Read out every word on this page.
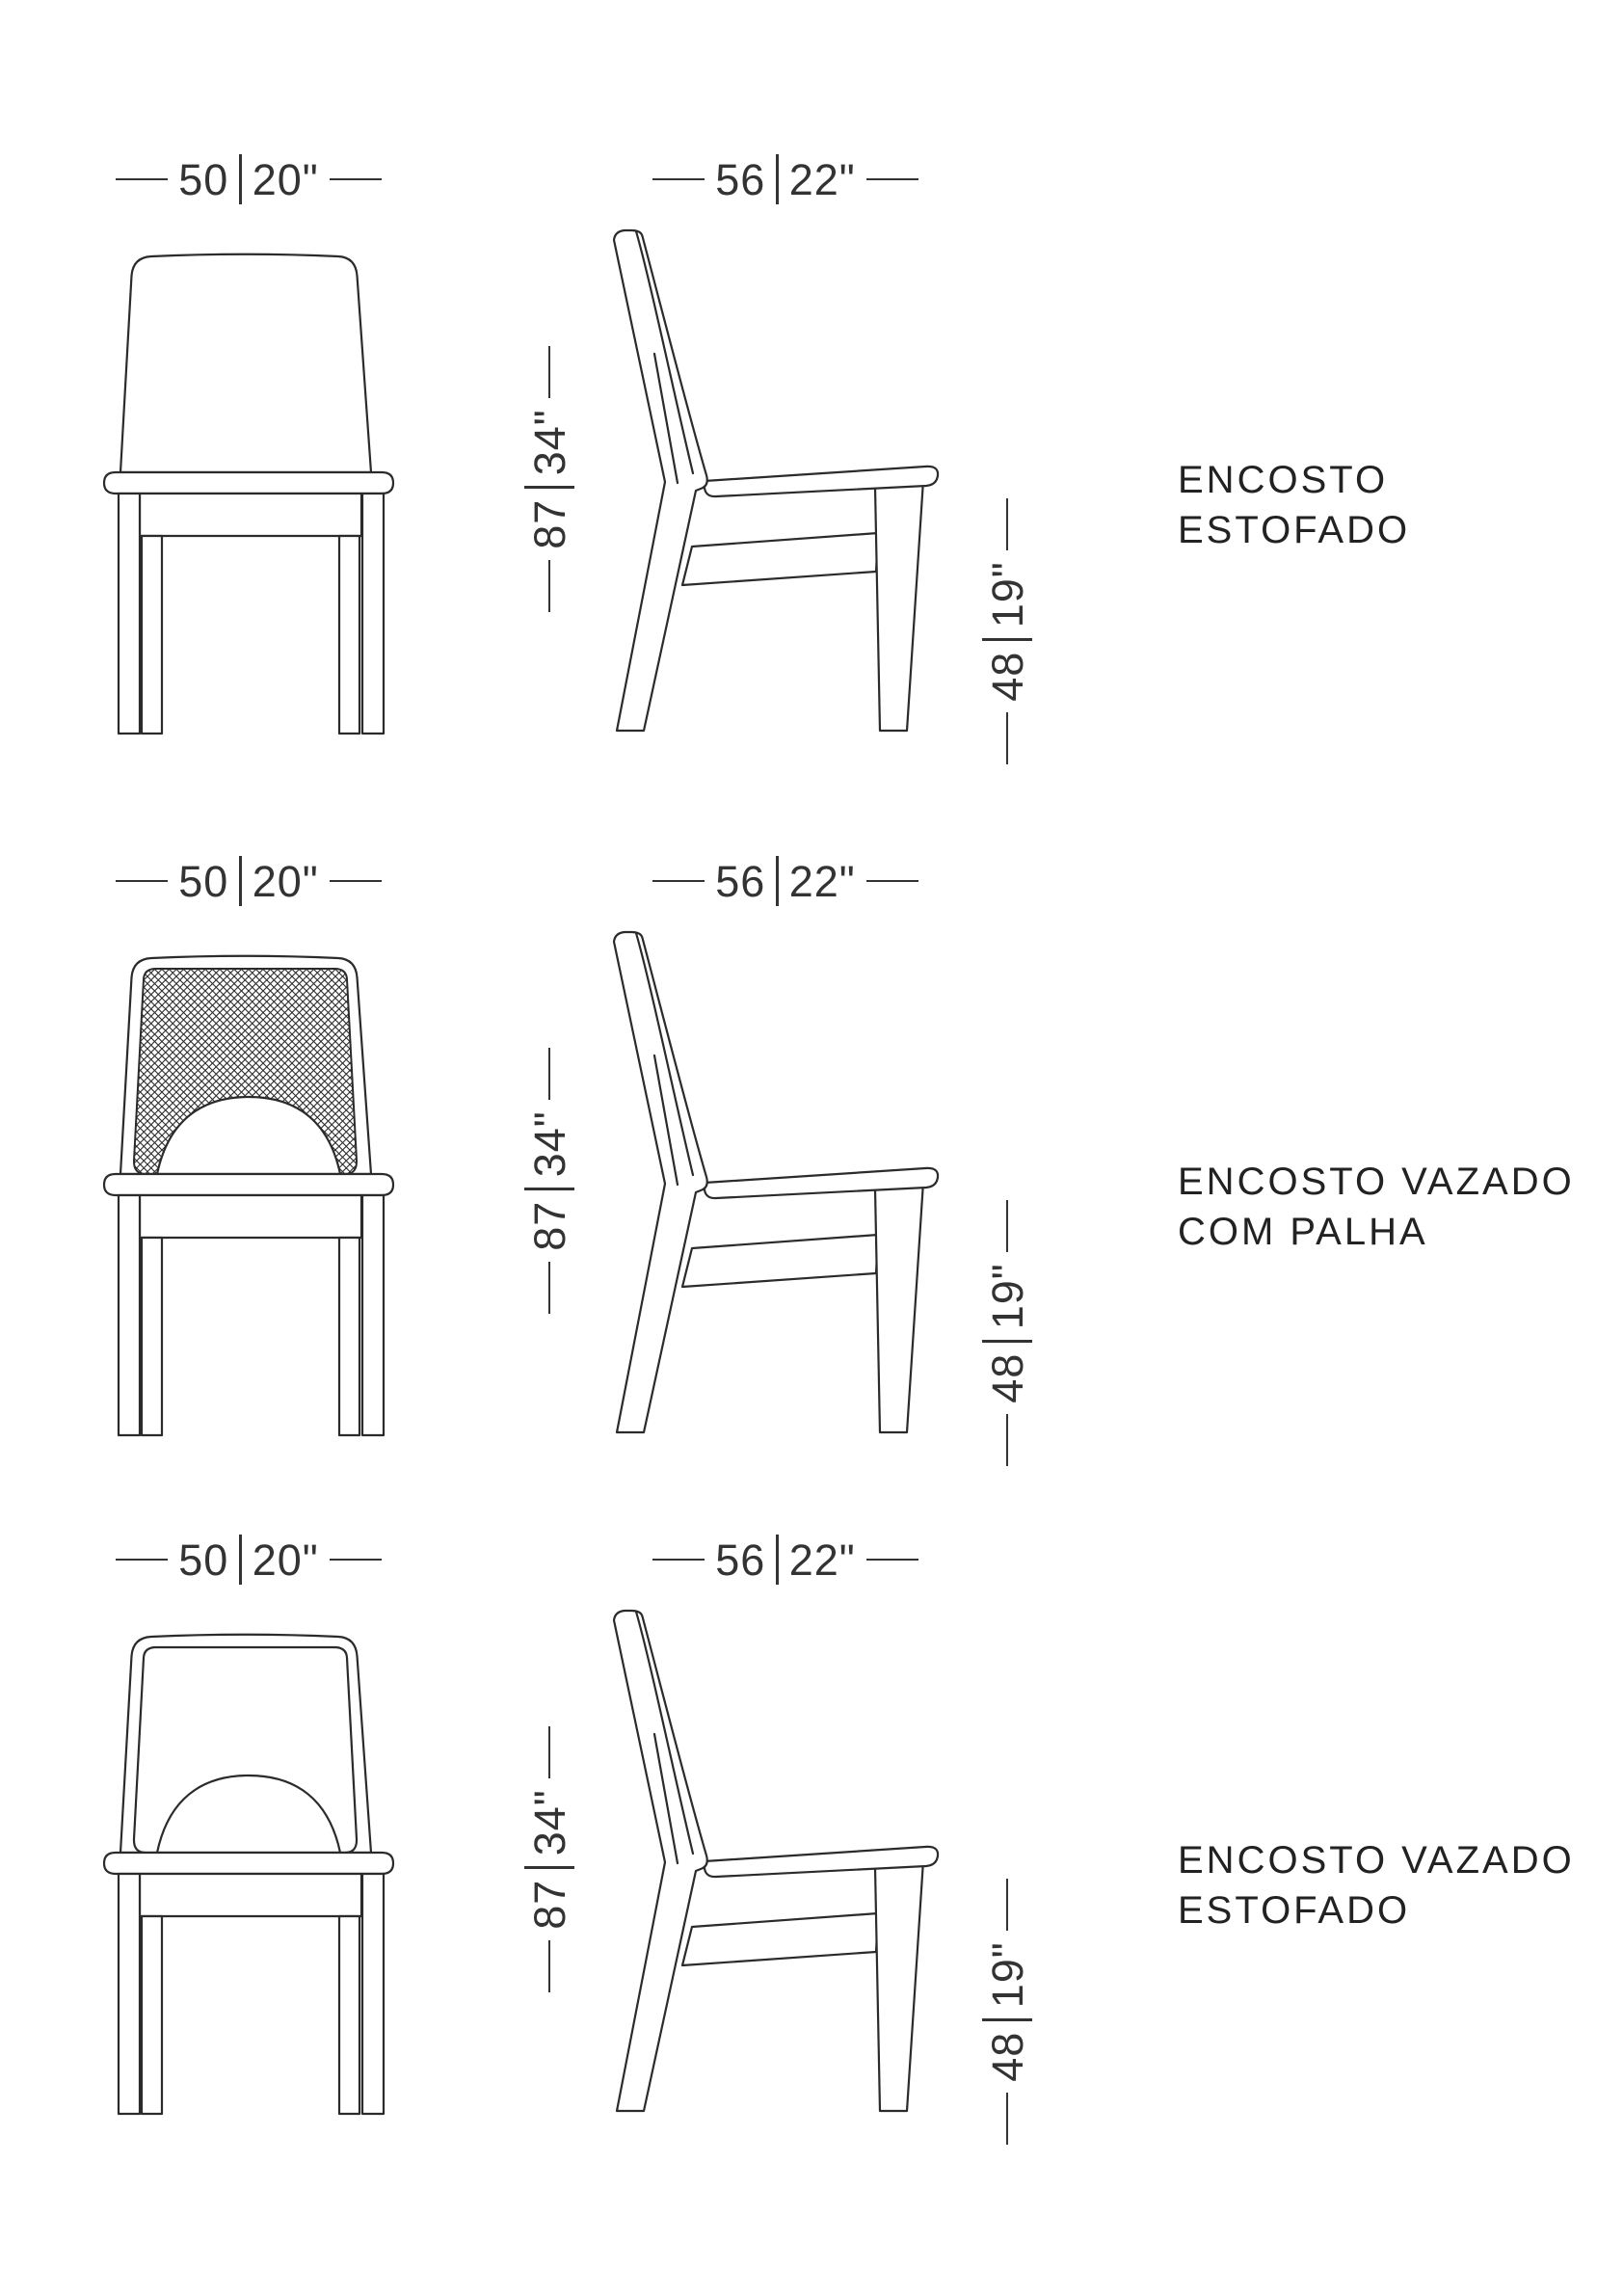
50 20"	56 22"
87
34"
48
19"
ENCOSTO
ESTOFADO
50 20"	56 22"
87
34"
48
19"
ENCOSTO VAZADO
COM PALHA
50 20"	56 22"
87
34"
48
19"
ENCOSTO VAZADO
ESTOFADO
